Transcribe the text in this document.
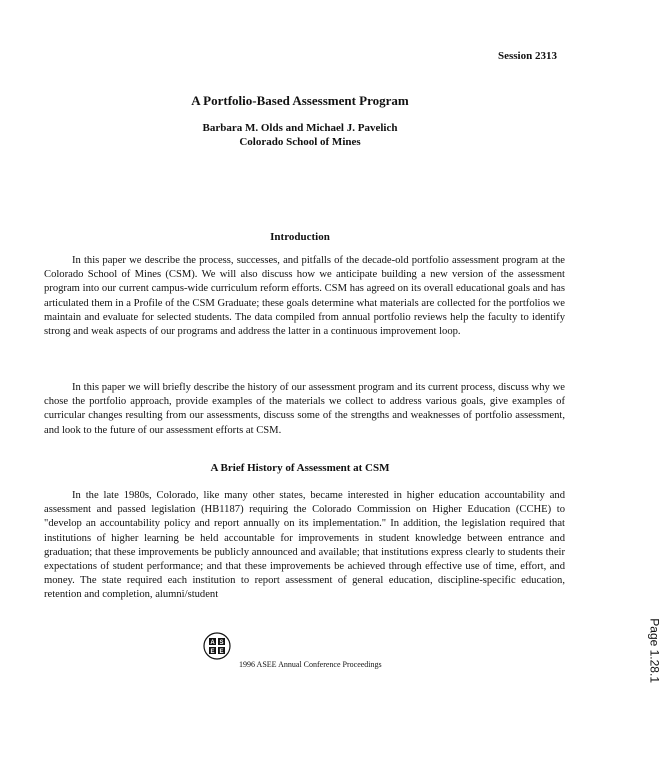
Session 2313
A Portfolio-Based Assessment Program
Barbara M. Olds and Michael J. Pavelich
Colorado School of Mines
Introduction

In this paper we describe the process, successes, and pitfalls of the decade-old portfolio assessment program at the Colorado School of Mines (CSM). We will also discuss how we anticipate building a new version of the assessment program into our current campus-wide curriculum reform efforts. CSM has agreed on its overall educational goals and has articulated them in a Profile of the CSM Graduate; these goals determine what materials are collected for the portfolios we maintain and evaluate for selected students. The data compiled from annual portfolio reviews help the faculty to identify strong and weak aspects of our programs and address the latter in a continuous improvement loop.

In this paper we will briefly describe the history of our assessment program and its current process, discuss why we chose the portfolio approach, provide examples of the materials we collect to address various goals, give examples of curricular changes resulting from our assessments, discuss some of the strengths and weaknesses of portfolio assessment, and look to the future of our assessment efforts at CSM.

A Brief History of Assessment at CSM

In the late 1980s, Colorado, like many other states, became interested in higher education accountability and assessment and passed legislation (HB1187) requiring the Colorado Commission on Higher Education (CCHE) to "develop an accountability policy and report annually on its implementation." In addition, the legislation required that institutions of higher learning be held accountable for improvements in student knowledge between entrance and graduation; that these improvements be publicly announced and available; that institutions express clearly to students their expectations of student performance; and that these improvements be achieved through effective use of time, effort, and money. The state required each institution to report assessment of general education, discipline-specific education, retention and completion, alumni/student

A S
E E
1996 ASEE Annual Conference Proceedings	Page 1.28.1
